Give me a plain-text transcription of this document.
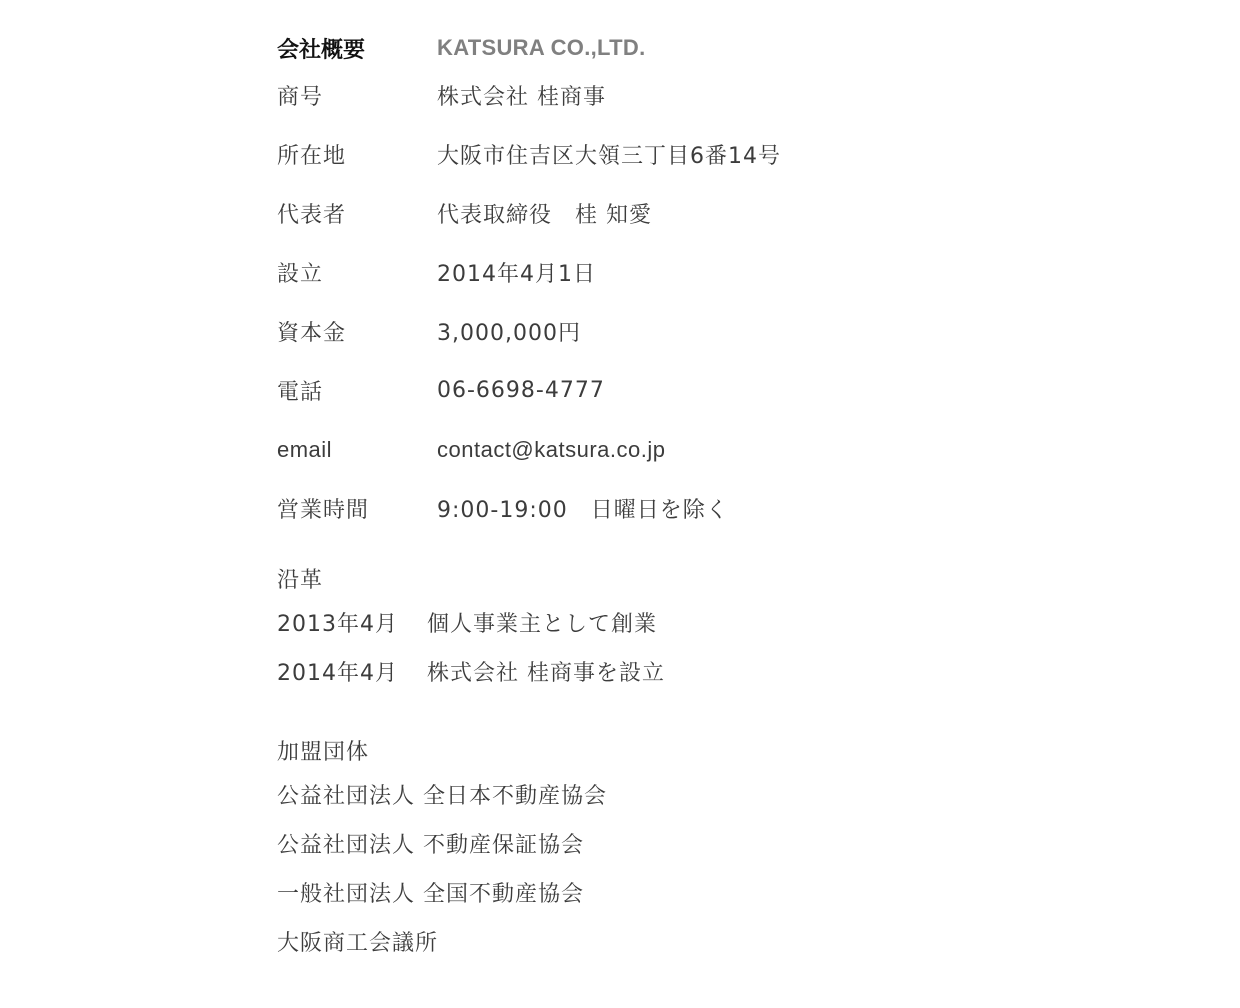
会社概要	KATSURA CO.,LTD.
商号	株式会社 桂商事
所在地	大阪市住吉区大領三丁目6番14号
代表者	代表取締役　桂 知愛
設立	2014年4月1日
資本金	3,000,000円
電話	06-6698-4777
email	contact@katsura.co.jp
営業時間	9:00-19:00　日曜日を除く
沿革
2013年4月	個人事業主として創業
2014年4月	株式会社 桂商事を設立
加盟団体
公益社団法人 全日本不動産協会
公益社団法人 不動産保証協会
一般社団法人 全国不動産協会
大阪商工会議所
